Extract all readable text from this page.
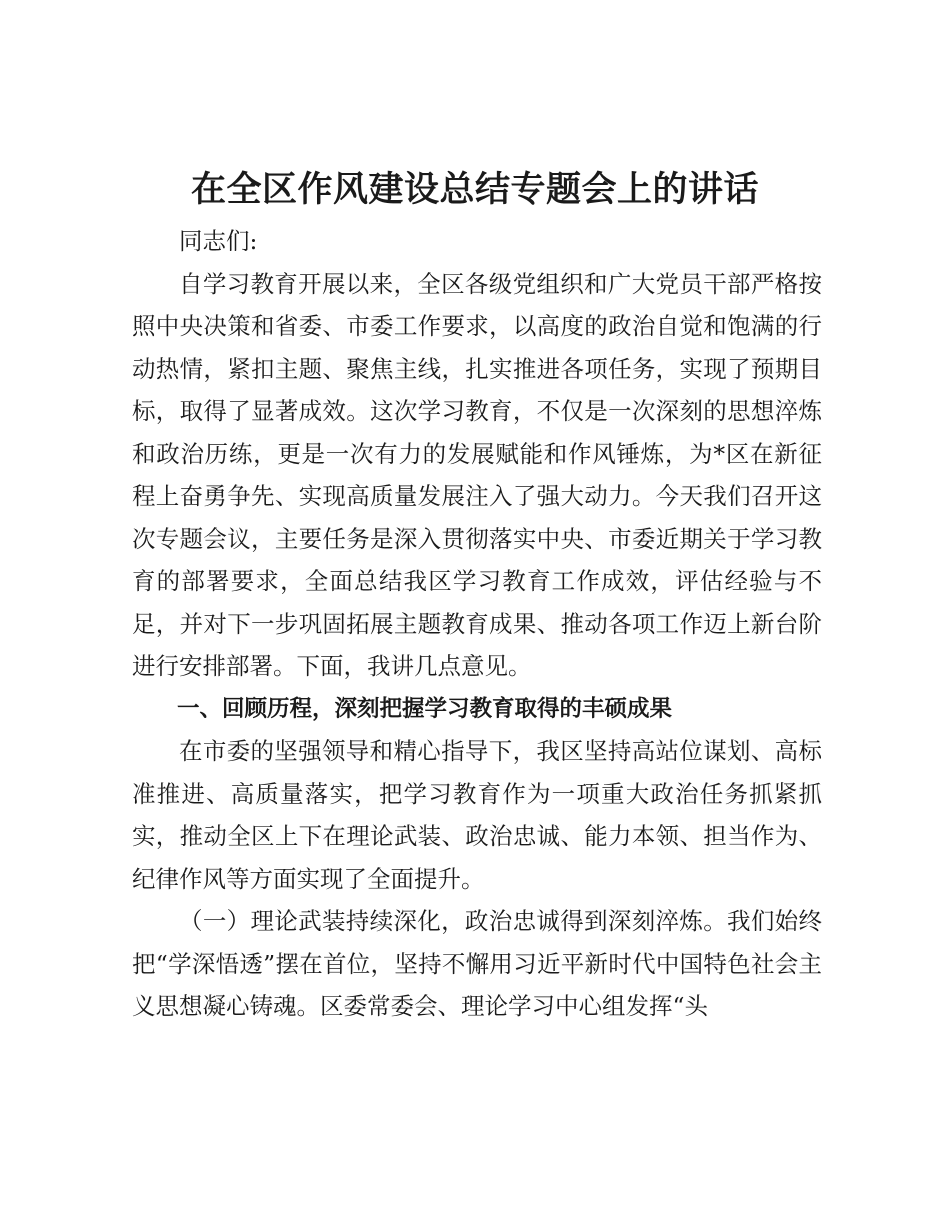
在全区作风建设总结专题会上的讲话

同志们:

自学习教育开展以来，全区各级党组织和广大党员干部严格按照中央决策和省委、市委工作要求，以高度的政治自觉和饱满的行动热情，紧扣主题、聚焦主线，扎实推进各项任务，实现了预期目标，取得了显著成效。这次学习教育，不仅是一次深刻的思想淬炼和政治历练，更是一次有力的发展赋能和作风锤炼，为*区在新征程上奋勇争先、实现高质量发展注入了强大动力。今天我们召开这次专题会议，主要任务是深入贯彻落实中央、市委近期关于学习教育的部署要求，全面总结我区学习教育工作成效，评估经验与不足，并对下一步巩固拓展主题教育成果、推动各项工作迈上新台阶进行安排部署。下面，我讲几点意见。

一、回顾历程，深刻把握学习教育取得的丰硕成果

在市委的坚强领导和精心指导下，我区坚持高站位谋划、高标准推进、高质量落实，把学习教育作为一项重大政治任务抓紧抓实，推动全区上下在理论武装、政治忠诚、能力本领、担当作为、纪律作风等方面实现了全面提升。

（一）理论武装持续深化，政治忠诚得到深刻淬炼。我们始终把“学深悟透”摆在首位，坚持不懈用习近平新时代中国特色社会主义思想凝心铸魂。区委常委会、理论学习中心组发挥“头
